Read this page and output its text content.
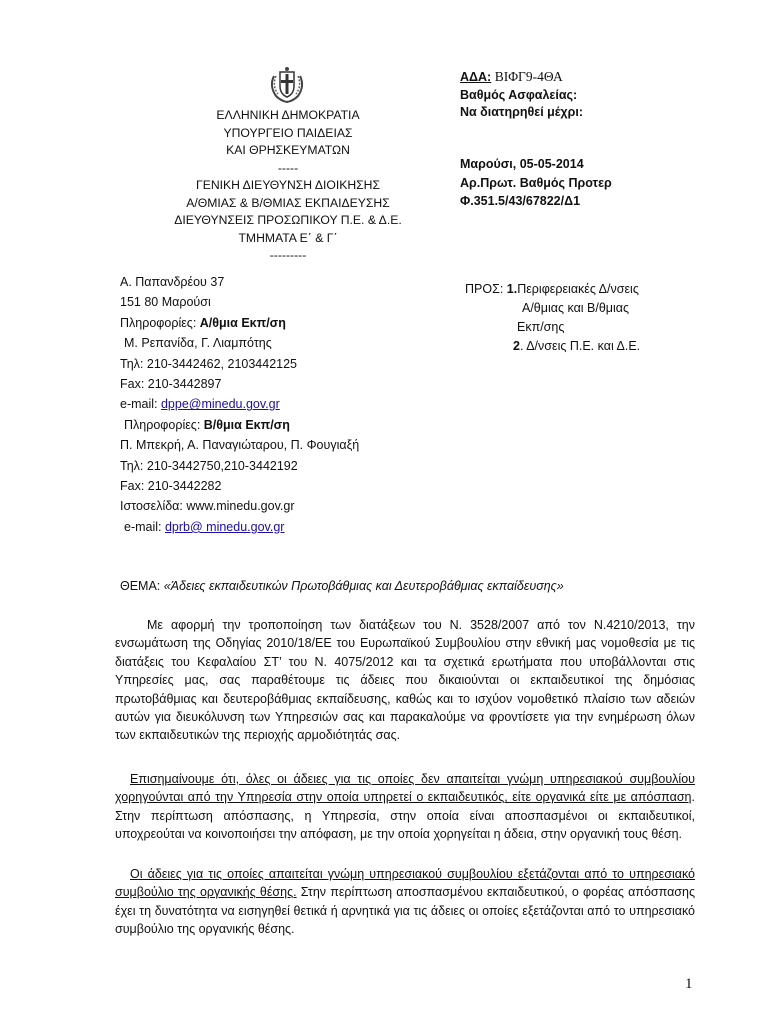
ΕΛΛΗΝΙΚΗ ΔΗΜΟΚΡΑΤΙΑ
ΥΠΟΥΡΓΕΙΟ ΠΑΙΔΕΙΑΣ
ΚΑΙ ΘΡΗΣΚΕΥΜΑΤΩΝ
-----
ΓΕΝΙΚΗ ΔΙΕΥΘΥΝΣΗ ΔΙΟΙΚΗΣΗΣ
Α/ΘΜΙΑΣ & Β/ΘΜΙΑΣ ΕΚΠΑΙΔΕΥΣΗΣ
ΔΙΕΥΘΥΝΣΕΙΣ ΠΡΟΣΩΠΙΚΟΥ Π.Ε. & Δ.Ε.
ΤΜΗΜΑΤΑ Ε΄ & Γ΄
---------
ΑΔΑ: ΒΙΦΓ9-4ΘΑ
Βαθμός Ασφαλείας:
Να διατηρηθεί μέχρι:
Μαρούσι, 05-05-2014
Αρ.Πρωτ. Βαθμός Προτερ
Φ.351.5/43/67822/Δ1
Α. Παπανδρέου 37
151 80 Μαρούσι
Πληροφορίες: Α/θμια Εκπ/ση
Μ. Ρεπανίδα, Γ. Λιαμπότης
Τηλ: 210-3442462, 2103442125
Fax: 210-3442897
e-mail: dppe@minedu.gov.gr
Πληροφορίες: Β/θμια Εκπ/ση
Π. Μπεκρή, Α. Παναγιώταρου, Π. Φουγιαξή
Τηλ: 210-3442750,210-3442192
Fax: 210-3442282
Ιστοσελίδα: www.minedu.gov.gr
e-mail: dprb@ minedu.gov.gr
ΠΡΟΣ: 1.Περιφερειακές Δ/νσεις
Α/θμιας και Β/θμιας
Εκπ/σης
2. Δ/νσεις Π.Ε. και Δ.Ε.
ΘΕΜΑ: «Άδειες εκπαιδευτικών Πρωτοβάθμιας και Δευτεροβάθμιας εκπαίδευσης»
Με αφορμή την τροποποίηση των διατάξεων του Ν. 3528/2007 από τον Ν.4210/2013, την ενσωμάτωση της Οδηγίας 2010/18/ΕΕ του Ευρωπαϊκού Συμβουλίου στην εθνική μας νομοθεσία με τις διατάξεις του Κεφαλαίου ΣΤ’ του Ν. 4075/2012 και τα σχετικά ερωτήματα που υποβάλλονται στις Υπηρεσίες μας, σας παραθέτουμε τις άδειες που δικαιούνται οι εκπαιδευτικοί της δημόσιας πρωτοβάθμιας και δευτεροβάθμιας εκπαίδευσης, καθώς και το ισχύον νομοθετικό πλαίσιο των αδειών αυτών για διευκόλυνση των Υπηρεσιών σας και παρακαλούμε να φροντίσετε για την ενημέρωση όλων των εκπαιδευτικών της περιοχής αρμοδιότητάς σας.
Επισημαίνουμε ότι, όλες οι άδειες για τις οποίες δεν απαιτείται γνώμη υπηρεσιακού συμβουλίου χορηγούνται από την Υπηρεσία στην οποία υπηρετεί ο εκπαιδευτικός, είτε οργανικά είτε με απόσπαση. Στην περίπτωση απόσπασης, η Υπηρεσία, στην οποία είναι αποσπασμένοι οι εκπαιδευτικοί, υποχρεούται να κοινοποιήσει την απόφαση, με την οποία χορηγείται η άδεια, στην οργανική τους θέση.
Οι άδειες για τις οποίες απαιτείται γνώμη υπηρεσιακού συμβουλίου εξετάζονται από το υπηρεσιακό συμβούλιο της οργανικής θέσης. Στην περίπτωση αποσπασμένου εκπαιδευτικού, ο φορέας απόσπασης έχει τη δυνατότητα να εισηγηθεί θετικά ή αρνητικά για τις άδειες οι οποίες εξετάζονται από το υπηρεσιακό συμβούλιο της οργανικής θέσης.
1
